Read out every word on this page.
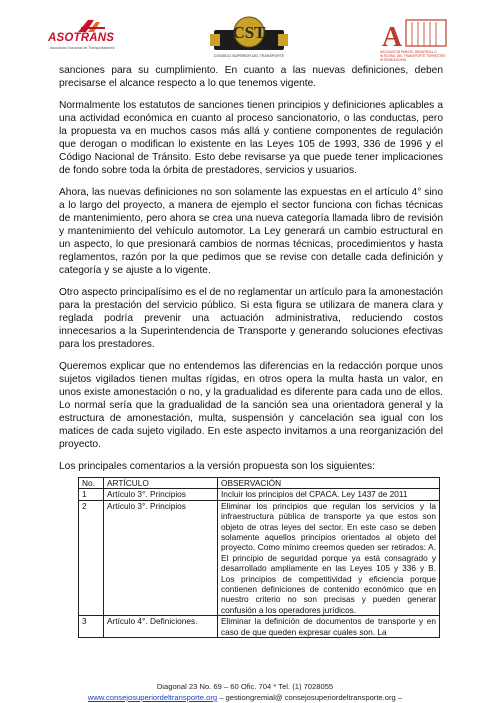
ASOTRANS
Asociación Nacional de Transportadores
CST
CONSEJO SUPERIOR DEL TRANSPORTE
A
ASOCIACION PARA EL DESARROLLO INTEGRAL DEL TRANSPORTE TERRESTRE INTERMUNICIPAL

sanciones para su cumplimiento. En cuanto a las nuevas definiciones, deben precisarse el alcance respecto a lo que tenemos vigente.

Normalmente los estatutos de sanciones tienen principios y definiciones aplicables a una actividad económica en cuanto al proceso sancionatorio, o las conductas, pero la propuesta va en muchos casos más allá y contiene componentes de regulación que derogan o modifican lo existente en las Leyes 105 de 1993, 336 de 1996 y el Código Nacional de Tránsito. Esto debe revisarse ya que puede tener implicaciones de fondo sobre toda la órbita de prestadores, servicios y usuarios.

Ahora, las nuevas definiciones no son solamente las expuestas en el artículo 4° sino a lo largo del proyecto, a manera de ejemplo el sector funciona con fichas técnicas de mantenimiento, pero ahora se crea una nueva categoría llamada libro de revisión y mantenimiento del vehículo automotor. La Ley generará un cambio estructural en un aspecto, lo que presionará cambios de normas técnicas, procedimientos y hasta reglamentos, razón por la que pedimos que se revise con detalle cada definición y categoría y se ajuste a lo vigente.

Otro aspecto principalísimo es el de no reglamentar un artículo para la amonestación para la prestación del servicio público. Si esta figura se utilizara de manera clara y reglada podría prevenir una actuación administrativa, reduciendo costos innecesarios a la Superintendencia de Transporte y generando soluciones efectivas para los prestadores.

Queremos explicar que no entendemos las diferencias en la redacción porque unos sujetos vigilados tienen multas rígidas, en otros opera la multa hasta un valor, en unos existe amonestación o no, y la gradualidad es diferente para cada uno de ellos. Lo normal sería que la gradualidad de la sanción sea una orientadora general y la estructura de amonestación, multa, suspensión y cancelación sea igual con los matices de cada sujeto vigilado. En este aspecto invitamos a una reorganización del proyecto.

Los principales comentarios a la versión propuesta son los siguientes:

No.	ARTÍCULO	OBSERVACIÓN
1	Artículo 3°. Principios	Incluir los principios del CPACA. Ley 1437 de 2011
2	Artículo 3°. Principios	Eliminar los principios que regulan los servicios y la infraestructura pública de transporte ya que estos son objeto de otras leyes del sector. En este caso se deben solamente aquellos principios orientados al objeto del proyecto. Como mínimo creemos queden ser retirados: A. El principio de seguridad porque ya está consagrado y desarrollado ampliamente en las Leyes 105 y 336 y B. Los principios de competitividad y eficiencia porque contienen definiciones de contenido económico que en nuestro criterio no son precisas y pueden generar confusión a los operadores jurídicos.
3	Artículo 4°. Definiciones.	Eliminar la definición de documentos de transporte y en caso de que queden expresar cuales son. La
Diagonal 23 No. 69 – 60 Ofic. 704 * Tel. (1) 7028055
www.consejosuperiordeltransporte.org – gestiongremial@ consejosuperiordeltransporte.org –
